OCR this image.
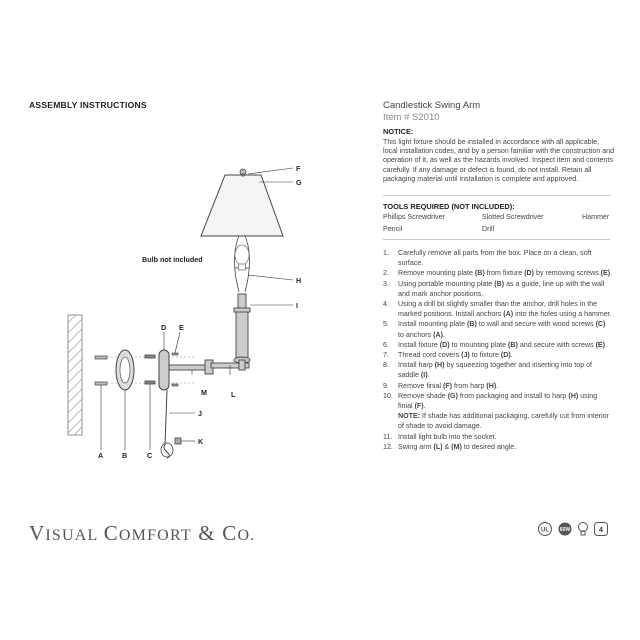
ASSEMBLY INSTRUCTIONS	Candlestick Swing Arm
Item # S2010
NOTICE:
This light fixture should be installed in accordance with all applicable, local installation codes, and by a person familiar with the construction and operation of it, as well as the hazards involved. Inspect item and contents carefully. If any damage or defect is found, do not install. Retain all packaging material until installation is complete and approved.
TOOLS REQUIRED (NOT INCLUDED):
Phillips Screwdriver	Slotted Screwdriver	Hammer
Pencil	Drill
1.	Carefully remove all parts from the box. Place on a clean, soft surface.
2.	Remove mounting plate (B) from fixture (D) by removing screws (E).
3.	Using portable mounting plate (B) as a guide, line up with the wall and mark anchor positions.
4.	Using a drill bit slightly smaller than the anchor, drill holes in the marked positions. Install anchors (A) into the holes using a hammer.
5.	Install mounting plate (B) to wall and secure with wood screws (C) to anchors (A).
6.	Install fixture (D) to mounting plate (B) and secure with screws (E).
7.	Thread cord covers (J) to fixture (D).
8.	Install harp (H) by squeezing together and inserting into top of saddle (I).
9.	Remove finial (F) from harp (H).
10. Remove shade (G) from packaging and install to harp (H) using finial (F).
NOTE: If shade has additional packaging, carefully cut from interior of shade to avoid damage.
11. Install light bulb into the socket.
12. Swing arm (L) & (M) to desired angle.
Bulb not included
F
G
H
I
D E
M	L
J
K
A	B	C
VISUAL COMFORT & CO.	UL 60W	4
